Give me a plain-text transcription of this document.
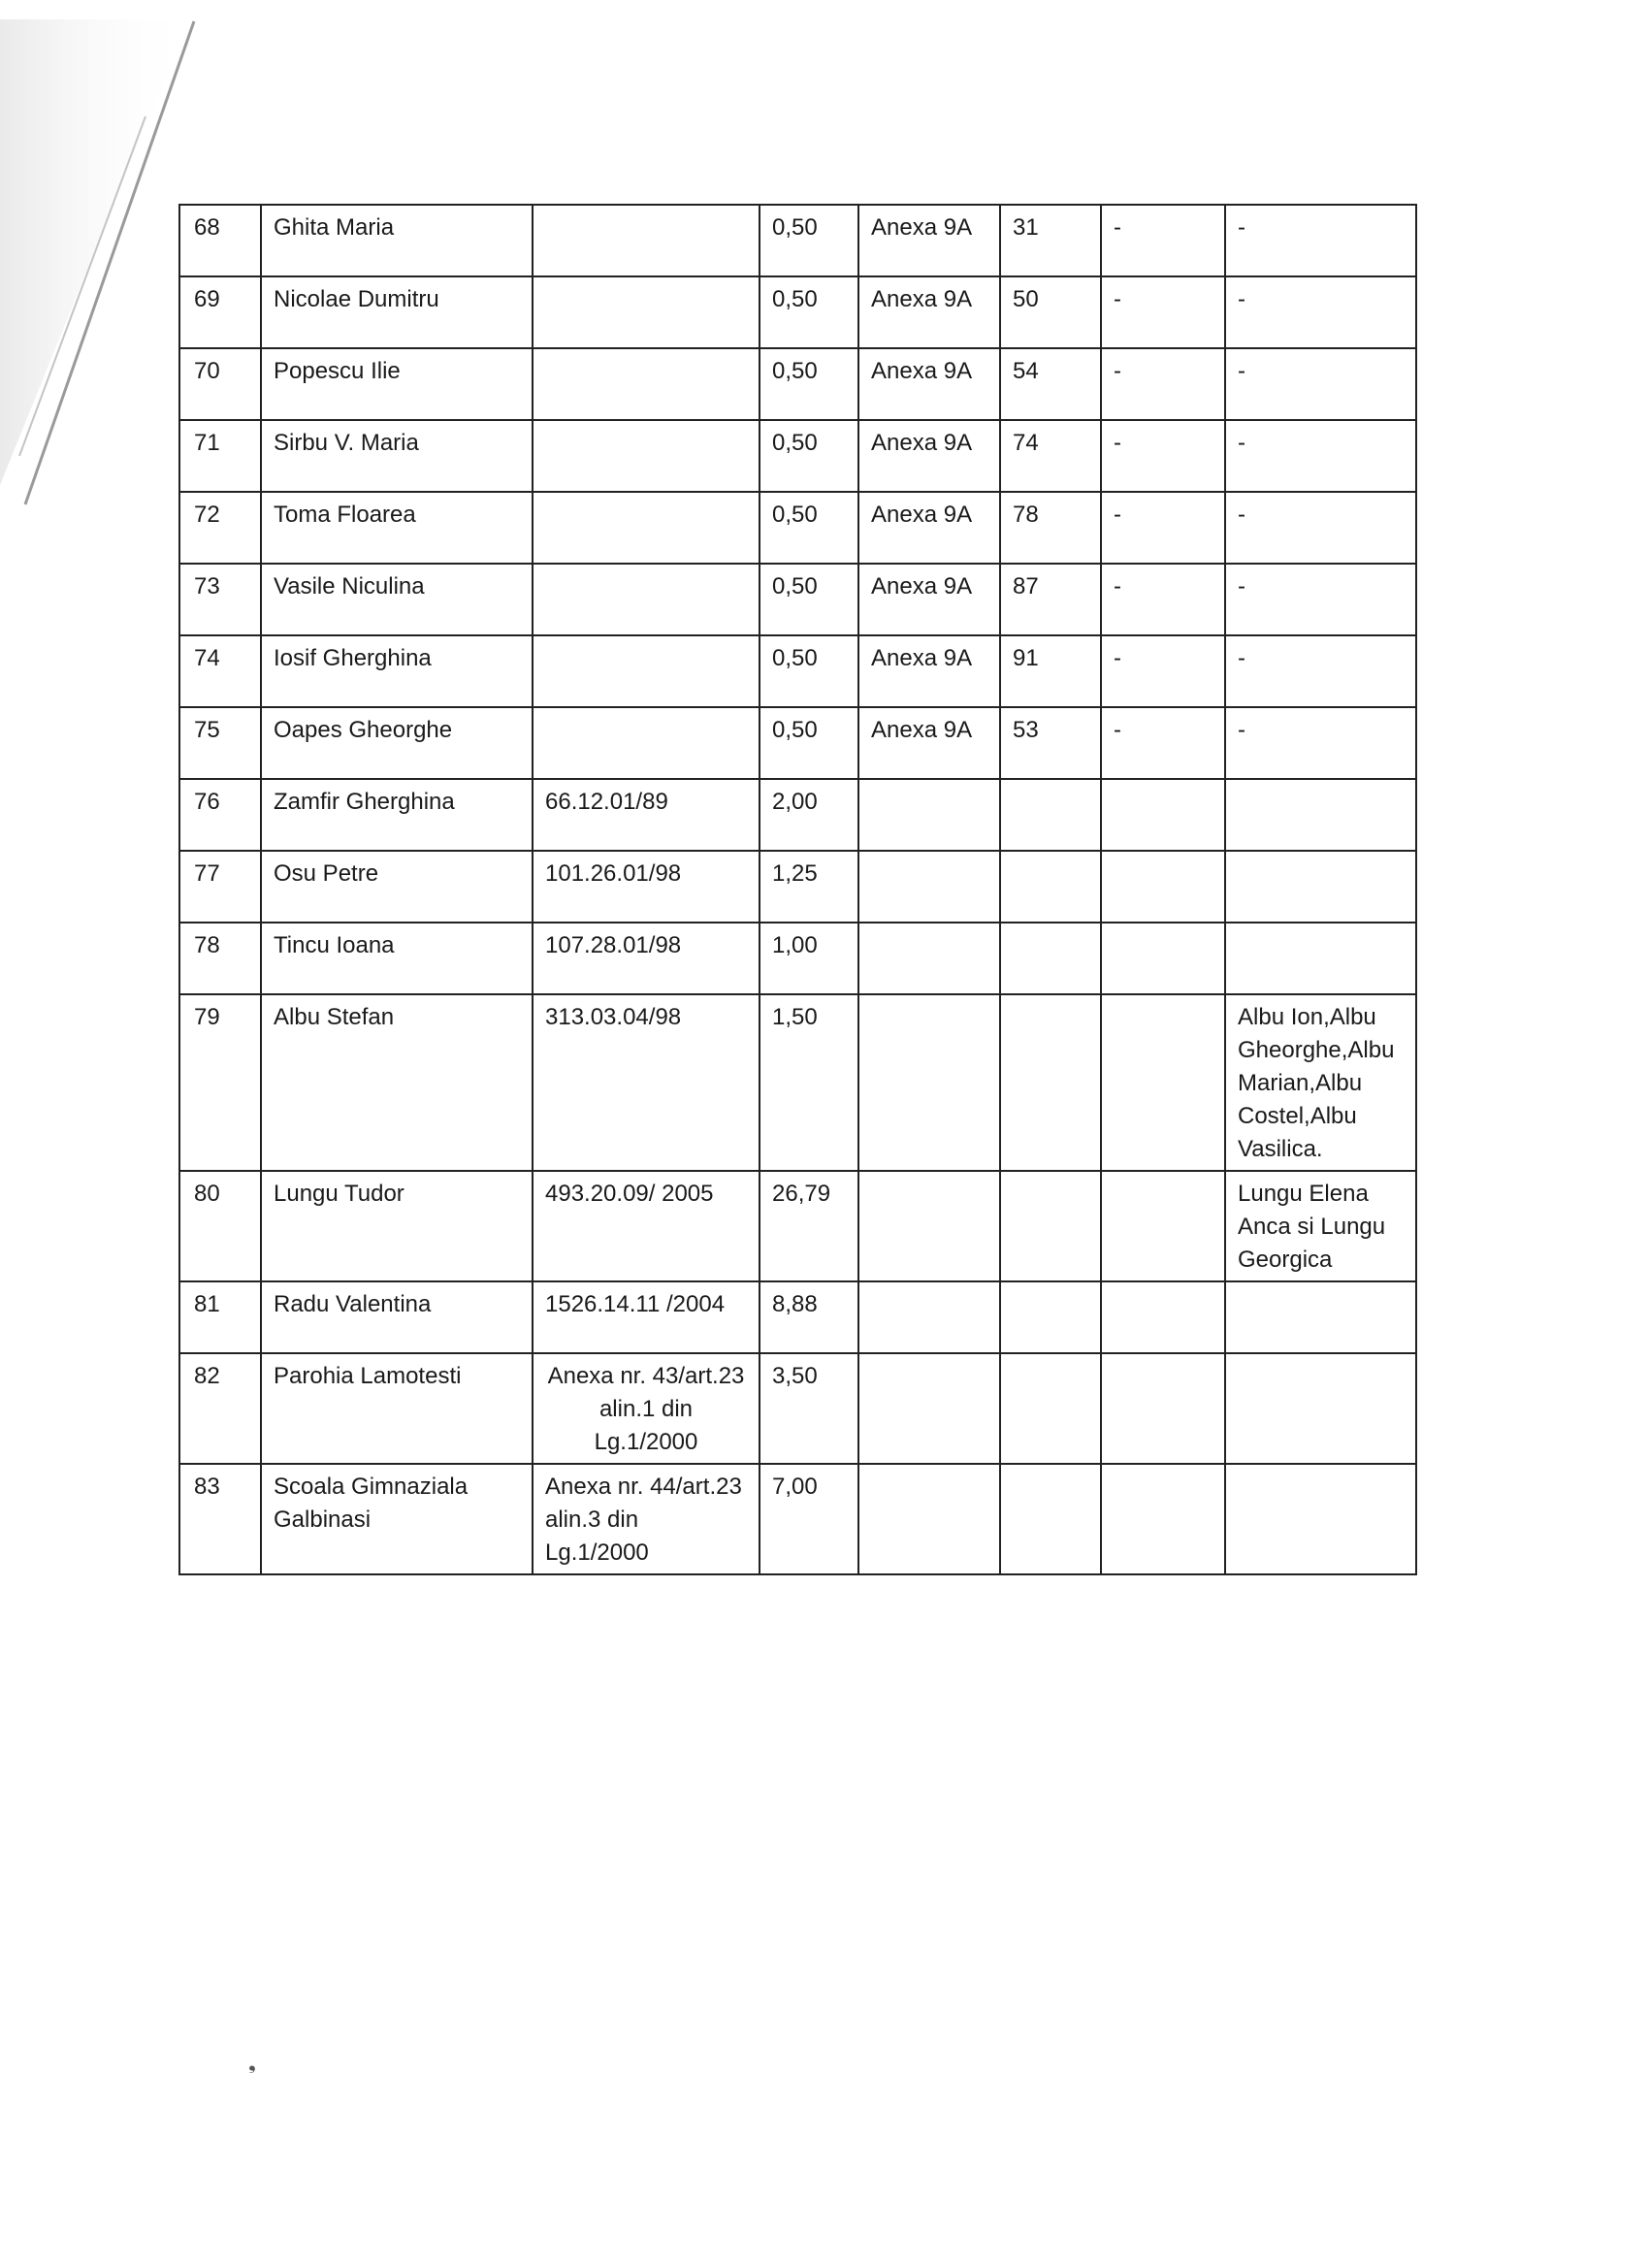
68	Ghita Maria		0,50	Anexa 9A	31	-	-
69	Nicolae Dumitru		0,50	Anexa 9A	50	-	-
70	Popescu Ilie		0,50	Anexa 9A	54	-	-
71	Sirbu V. Maria		0,50	Anexa 9A	74	-	-
72	Toma Floarea		0,50	Anexa 9A	78	-	-
73	Vasile Niculina		0,50	Anexa 9A	87	-	-
74	Iosif Gherghina		0,50	Anexa 9A	91	-	-
75	Oapes Gheorghe		0,50	Anexa 9A	53	-	-
76	Zamfir Gherghina	66.12.01/89	2,00				
77	Osu Petre	101.26.01/98	1,25				
78	Tincu Ioana	107.28.01/98	1,00				
79	Albu Stefan	313.03.04/98	1,50				Albu Ion,Albu Gheorghe,Albu Marian,Albu Costel,Albu Vasilica.
80	Lungu Tudor	493.20.09/ 2005	26,79				Lungu Elena Anca si Lungu Georgica
81	Radu Valentina	1526.14.11 /2004	8,88				
82	Parohia Lamotesti	Anexa nr. 43/art.23 alin.1 din Lg.1/2000	3,50				
83	Scoala Gimnaziala Galbinasi	Anexa nr. 44/art.23 alin.3 din Lg.1/2000	7,00				
❟
